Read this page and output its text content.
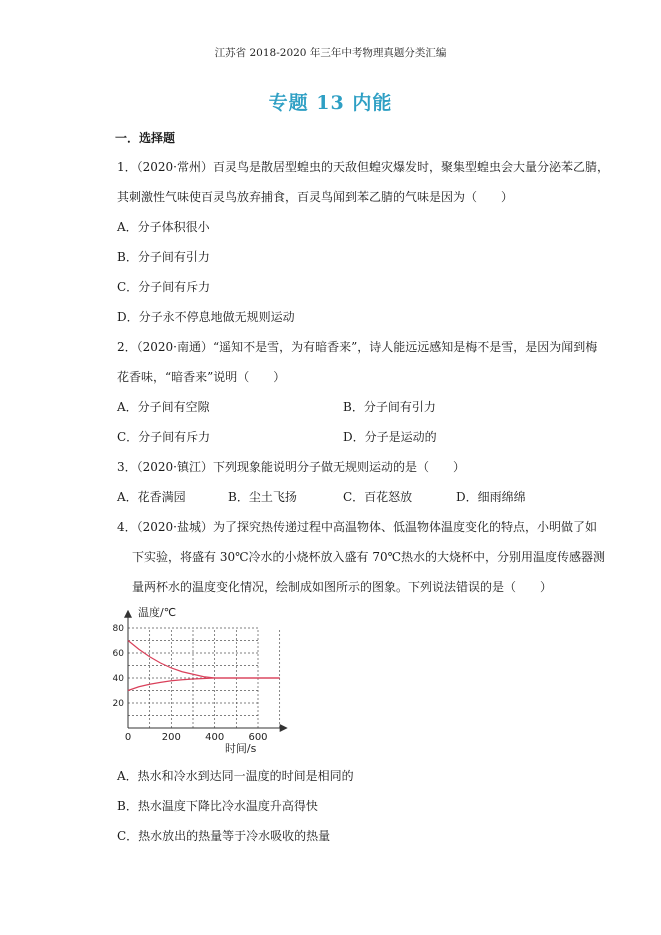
江苏省 2018-2020 年三年中考物理真题分类汇编
专题 13 内能
一．选择题
1．（2020·常州）百灵鸟是散居型蝗虫的天敌但蝗灾爆发时，聚集型蝗虫会大量分泌苯乙腈，
其刺激性气味使百灵鸟放弃捕食，百灵鸟闻到苯乙腈的气味是因为（　　）
A．分子体积很小
B．分子间有引力
C．分子间有斥力
D．分子永不停息地做无规则运动
2．（2020·南通）“遥知不是雪，为有暗香来”，诗人能远远感知是梅不是雪，是因为闻到梅
花香味，“暗香来”说明（　　）
A．分子间有空隙	B．分子间有引力
C．分子间有斥力	D．分子是运动的
3．（2020·镇江）下列现象能说明分子做无规则运动的是（　　）
A．花香满园	B．尘土飞扬	C．百花怒放	D．细雨绵绵
4．（2020·盐城）为了探究热传递过程中高温物体、低温物体温度变化的特点，小明做了如
下实验，将盛有 30℃冷水的小烧杯放入盛有 70℃热水的大烧杯中，分别用温度传感器测
量两杯水的温度变化情况，绘制成如图所示的图象。下列说法错误的是（　　）
0	200 400 600
20
40
60
80
温度/℃
时间/s
A．热水和冷水到达同一温度的时间是相同的
B．热水温度下降比冷水温度升高得快
C．热水放出的热量等于冷水吸收的热量
